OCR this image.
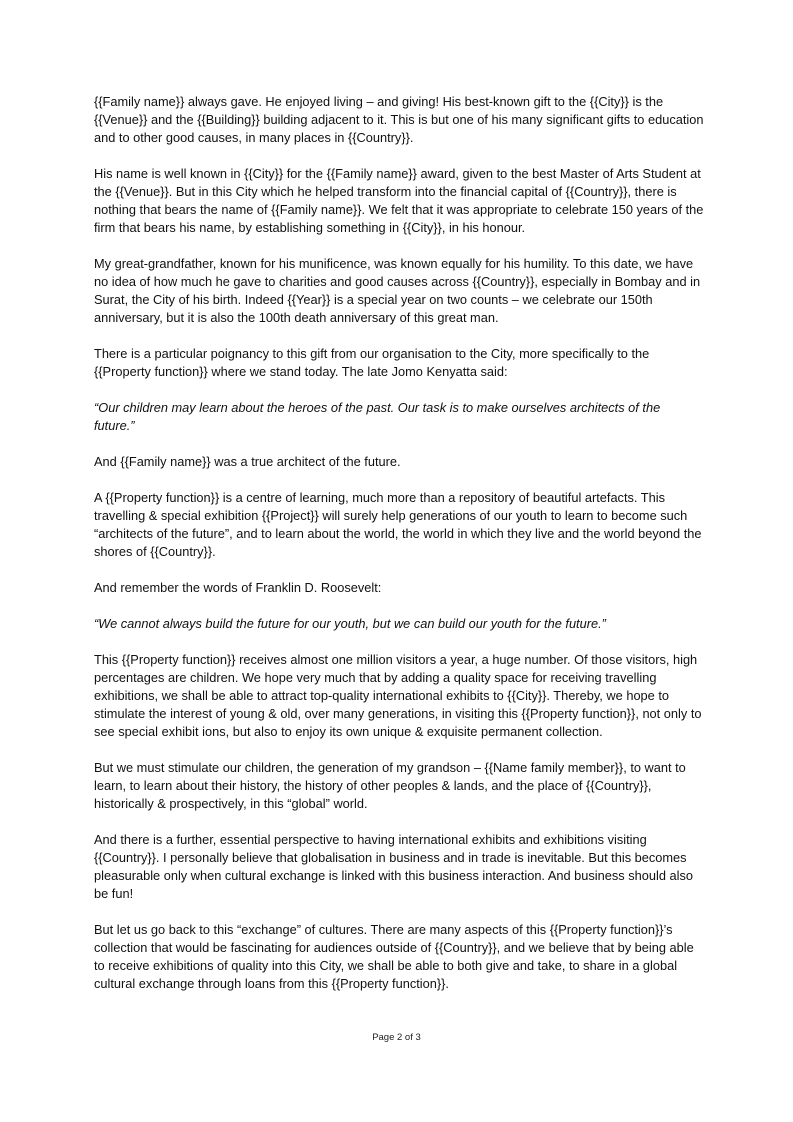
{{Family name}} always gave. He enjoyed living – and giving! His best-known gift to the {{City}} is the {{Venue}} and the {{Building}} building adjacent to it. This is but one of his many significant gifts to education and to other good causes, in many places in {{Country}}.

His name is well known in {{City}} for the {{Family name}} award, given to the best Master of Arts Student at the {{Venue}}. But in this City which he helped transform into the financial capital of {{Country}}, there is nothing that bears the name of {{Family name}}. We felt that it was appropriate to celebrate 150 years of the firm that bears his name, by establishing something in {{City}}, in his honour.

My great-grandfather, known for his munificence, was known equally for his humility. To this date, we have no idea of how much he gave to charities and good causes across {{Country}}, especially in Bombay and in Surat, the City of his birth. Indeed {{Year}} is a special year on two counts – we celebrate our 150th anniversary, but it is also the 100th death anniversary of this great man.

There is a particular poignancy to this gift from our organisation to the City, more specifically to the {{Property function}} where we stand today. The late Jomo Kenyatta said:

“Our children may learn about the heroes of the past. Our task is to make ourselves architects of the future.”

And {{Family name}} was a true architect of the future.

A {{Property function}} is a centre of learning, much more than a repository of beautiful artefacts. This travelling & special exhibition {{Project}} will surely help generations of our youth to learn to become such “architects of the future”, and to learn about the world, the world in which they live and the world beyond the shores of {{Country}}.

And remember the words of Franklin D. Roosevelt:

“We cannot always build the future for our youth, but we can build our youth for the future.”

This {{Property function}} receives almost one million visitors a year, a huge number. Of those visitors, high percentages are children. We hope very much that by adding a quality space for receiving travelling exhibitions, we shall be able to attract top-quality international exhibits to {{City}}. Thereby, we hope to stimulate the interest of young & old, over many generations, in visiting this {{Property function}}, not only to see special exhibit ions, but also to enjoy its own unique & exquisite permanent collection.

But we must stimulate our children, the generation of my grandson – {{Name family member}}, to want to learn, to learn about their history, the history of other peoples & lands, and the place of {{Country}}, historically & prospectively, in this “global” world.

And there is a further, essential perspective to having international exhibits and exhibitions visiting {{Country}}. I personally believe that globalisation in business and in trade is inevitable. But this becomes pleasurable only when cultural exchange is linked with this business interaction. And business should also be fun!

But let us go back to this “exchange” of cultures. There are many aspects of this {{Property function}}’s collection that would be fascinating for audiences outside of {{Country}}, and we believe that by being able to receive exhibitions of quality into this City, we shall be able to both give and take, to share in a global cultural exchange through loans from this {{Property function}}.

Page 2 of 3
